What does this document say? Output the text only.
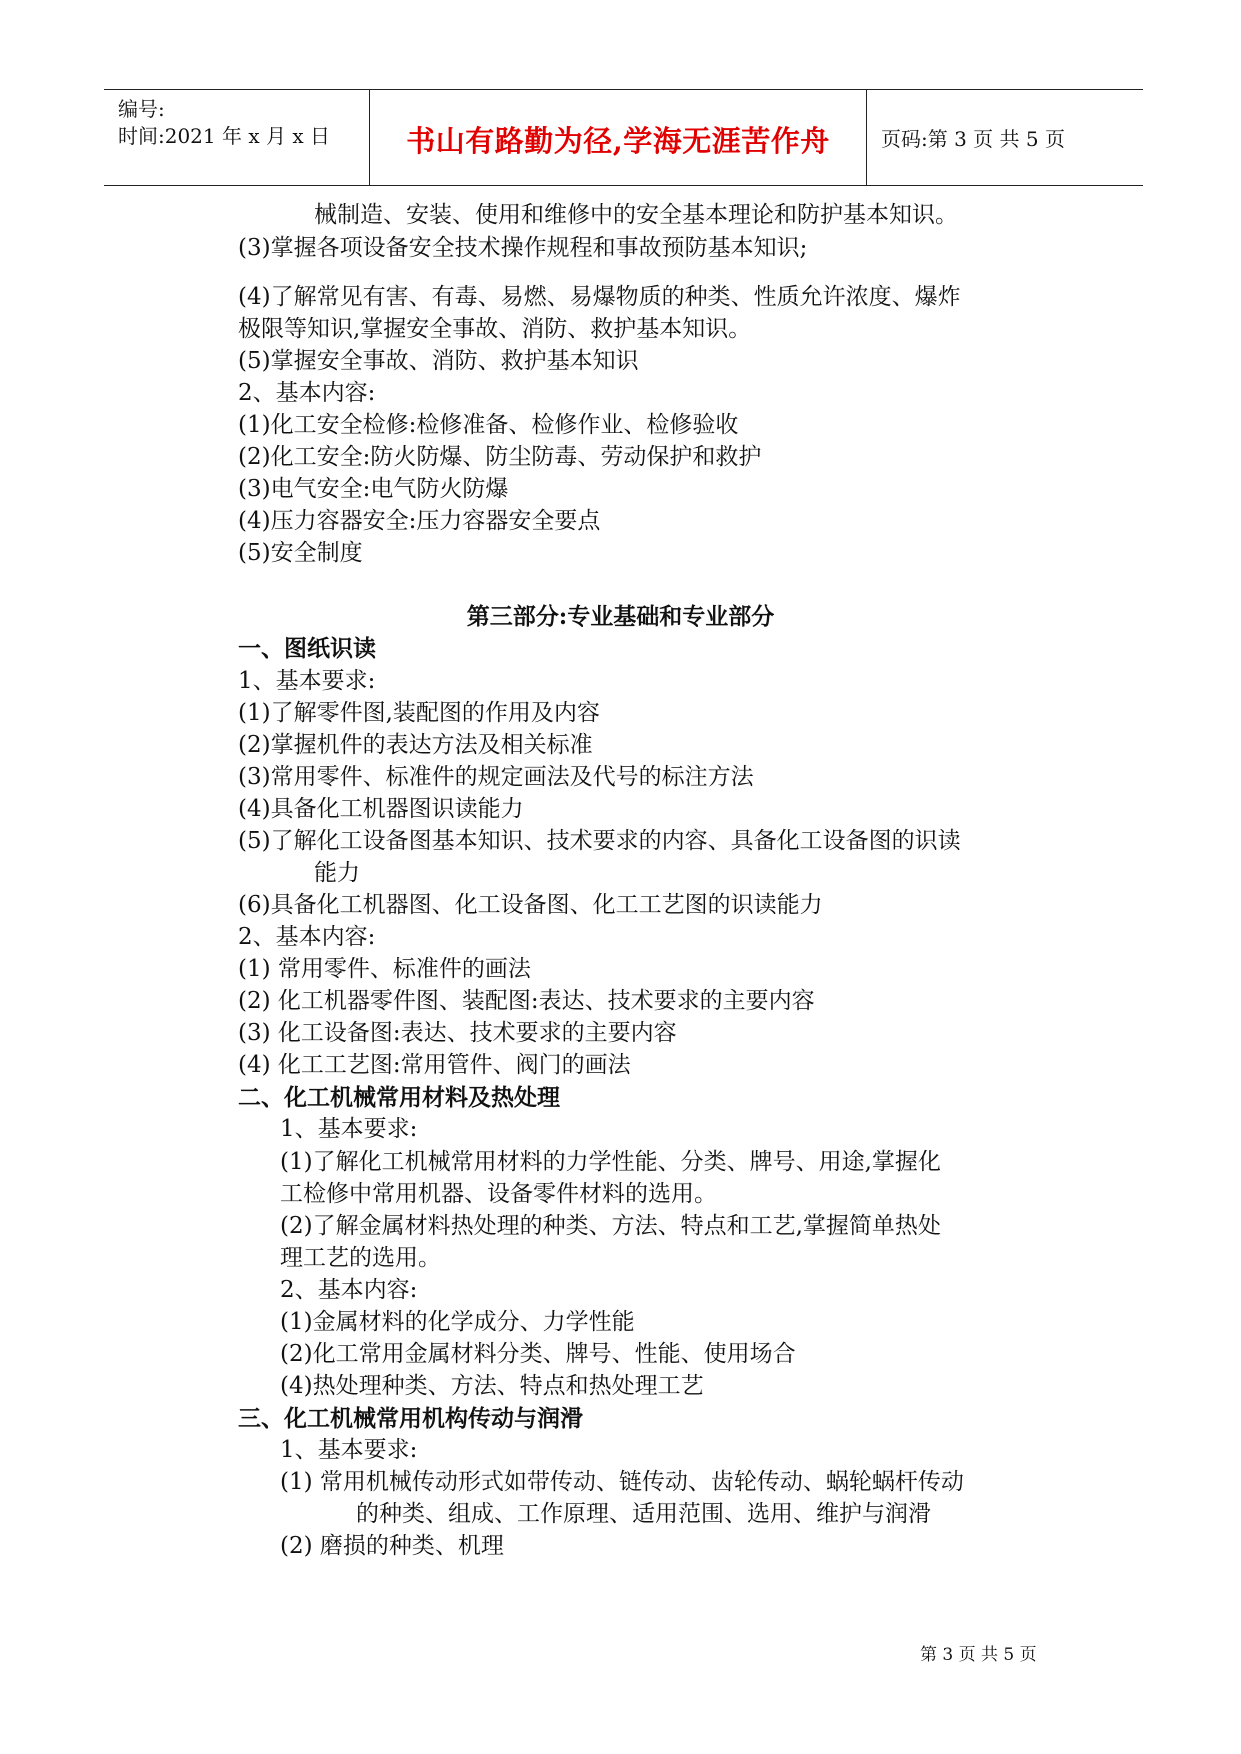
编号:
时间:2021 年 x 月 x 日	书山有路勤为径,学海无涯苦作舟	页码:第 3 页 共 5 页
械制造、安装、使用和维修中的安全基本理论和防护基本知识。
(3)掌握各项设备安全技术操作规程和事故预防基本知识;
(4)了解常见有害、有毒、易燃、易爆物质的种类、性质允许浓度、爆炸
极限等知识,掌握安全事故、消防、救护基本知识。
(5)掌握安全事故、消防、救护基本知识
2、基本内容:
(1)化工安全检修:检修准备、检修作业、检修验收
(2)化工安全:防火防爆、防尘防毒、劳动保护和救护
(3)电气安全:电气防火防爆
(4)压力容器安全:压力容器安全要点
(5)安全制度
第三部分:专业基础和专业部分
一、图纸识读
1、基本要求:
(1)了解零件图,装配图的作用及内容
(2)掌握机件的表达方法及相关标准
(3)常用零件、标准件的规定画法及代号的标注方法
(4)具备化工机器图识读能力
(5)了解化工设备图基本知识、技术要求的内容、具备化工设备图的识读
能力
(6)具备化工机器图、化工设备图、化工工艺图的识读能力
2、基本内容:
(1) 常用零件、标准件的画法
(2) 化工机器零件图、装配图:表达、技术要求的主要内容
(3) 化工设备图:表达、技术要求的主要内容
(4) 化工工艺图:常用管件、阀门的画法
二、化工机械常用材料及热处理
1、基本要求:
(1)了解化工机械常用材料的力学性能、分类、牌号、用途,掌握化
工检修中常用机器、设备零件材料的选用。
(2)了解金属材料热处理的种类、方法、特点和工艺,掌握简单热处
理工艺的选用。
2、基本内容:
(1)金属材料的化学成分、力学性能
(2)化工常用金属材料分类、牌号、性能、使用场合
(4)热处理种类、方法、特点和热处理工艺
三、化工机械常用机构传动与润滑
1、基本要求:
(1) 常用机械传动形式如带传动、链传动、齿轮传动、蜗轮蜗杆传动
的种类、组成、工作原理、适用范围、选用、维护与润滑
(2) 磨损的种类、机理
第 3 页 共 5 页
